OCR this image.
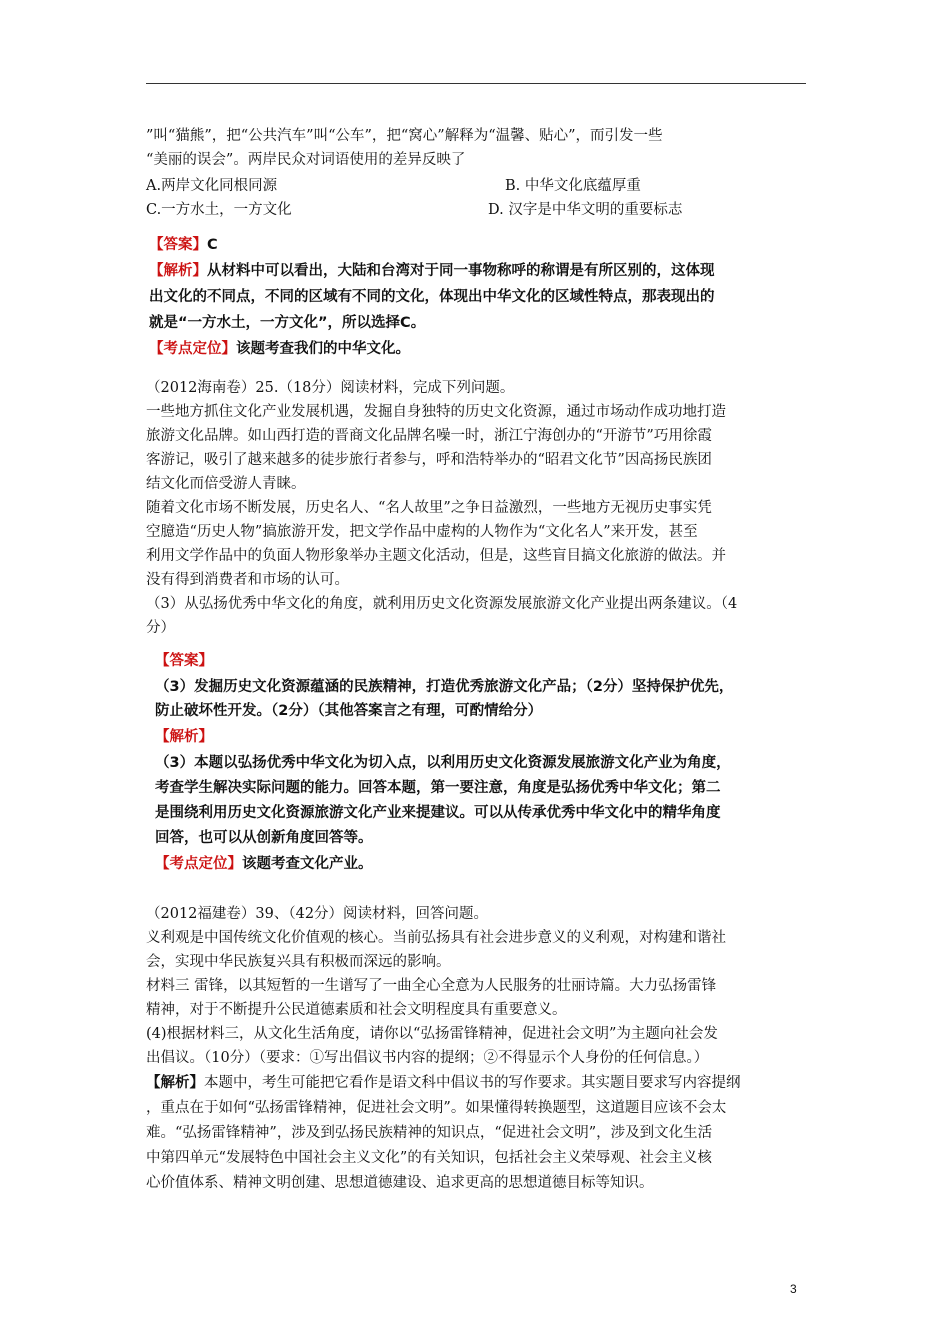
”叫“猫熊”，把“公共汽车”叫“公车”，把“窝心”解释为“温馨、贴心”，而引发一些
“美丽的误会”。两岸民众对词语使用的差异反映了
A.两岸文化同根同源	B. 中华文化底蕴厚重
C.一方水土，一方文化	D. 汉字是中华文明的重要标志
【答案】C
【解析】从材料中可以看出，大陆和台湾对于同一事物称呼的称谓是有所区别的，这体现
出文化的不同点，不同的区域有不同的文化，体现出中华文化的区域性特点，那表现出的
就是“一方水土，一方文化”，所以选择C。
【考点定位】该题考查我们的中华文化。
（2012海南卷）25.（18分）阅读材料，完成下列问题。
一些地方抓住文化产业发展机遇，发掘自身独特的历史文化资源，通过市场动作成功地打造
旅游文化品牌。如山西打造的晋商文化品牌名噪一时，浙江宁海创办的“开游节”巧用徐霞
客游记，吸引了越来越多的徒步旅行者参与，呼和浩特举办的“昭君文化节”因高扬民族团
结文化而倍受游人青睐。
随着文化市场不断发展，历史名人、“名人故里”之争日益激烈，一些地方无视历史事实凭
空臆造“历史人物”搞旅游开发，把文学作品中虚构的人物作为“文化名人”来开发，甚至
利用文学作品中的负面人物形象举办主题文化活动，但是，这些盲目搞文化旅游的做法。并
没有得到消费者和市场的认可。
（3）从弘扬优秀中华文化的角度，就利用历史文化资源发展旅游文化产业提出两条建议。（4
分）
【答案】
（3）发掘历史文化资源蕴涵的民族精神，打造优秀旅游文化产品；（2分）坚持保护优先，
防止破坏性开发。（2分）（其他答案言之有理，可酌情给分）
【解析】
（3）本题以弘扬优秀中华文化为切入点，以利用历史文化资源发展旅游文化产业为角度，
考查学生解决实际问题的能力。回答本题，第一要注意，角度是弘扬优秀中华文化；第二
是围绕利用历史文化资源旅游文化产业来提建议。可以从传承优秀中华文化中的精华角度
回答，也可以从创新角度回答等。
【考点定位】该题考查文化产业。
（2012福建卷）39、（42分）阅读材料，回答问题。
义利观是中国传统文化价值观的核心。当前弘扬具有社会进步意义的义利观，对构建和谐社
会，实现中华民族复兴具有积极而深远的影响。
材料三 雷锋，以其短暂的一生谱写了一曲全心全意为人民服务的壮丽诗篇。大力弘扬雷锋
精神，对于不断提升公民道德素质和社会文明程度具有重要意义。
(4)根据材料三，从文化生活角度，请你以“弘扬雷锋精神，促进社会文明”为主题向社会发
出倡议。（10分）（要求：①写出倡议书内容的提纲；②不得显示个人身份的任何信息。）
【解析】本题中，考生可能把它看作是语文科中倡议书的写作要求。其实题目要求写内容提纲
，重点在于如何“弘扬雷锋精神，促进社会文明”。如果懂得转换题型，这道题目应该不会太
难。“弘扬雷锋精神”，涉及到弘扬民族精神的知识点，“促进社会文明”，涉及到文化生活
中第四单元“发展特色中国社会主义文化”的有关知识，包括社会主义荣辱观、社会主义核
心价值体系、精神文明创建、思想道德建设、追求更高的思想道德目标等知识。
3
